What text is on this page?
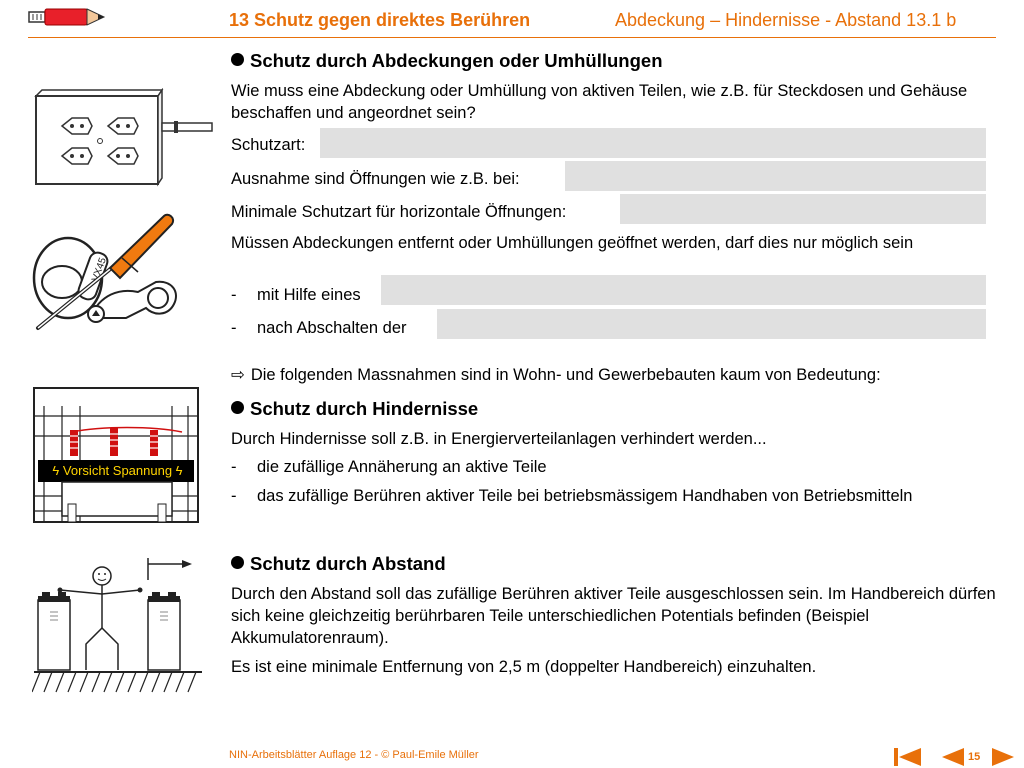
13 Schutz gegen direktes Berühren	Abdeckung – Hindernisse - Abstand 13.1 b
Schutz durch Abdeckungen oder Umhüllungen
Wie muss eine Abdeckung oder Umhüllung von aktiven Teilen, wie z.B. für Steckdosen und Gehäuse beschaffen und angeordnet sein?
Schutzart:
Ausnahme sind Öffnungen wie z.B. bei:
Minimale Schutzart für horizontale Öffnungen:
Müssen Abdeckungen entfernt oder Umhüllungen geöffnet werden, darf dies nur möglich sein
- mit Hilfe eines
- nach Abschalten der
⇨ Die folgenden Massnahmen sind in Wohn- und Gewerbebauten kaum von Bedeutung:
Schutz durch Hindernisse
Durch Hindernisse soll z.B. in Energierverteilanlagen verhindert werden...
- die zufällige Annäherung an aktive Teile
- das zufällige Berühren aktiver Teile bei betriebsmässigem Handhaben von Betriebsmitteln
Schutz durch Abstand
Durch den Abstand soll das zufällige Berühren aktiver Teile ausgeschlossen sein. Im Handbereich dürfen sich keine gleichzeitig berührbaren Teile unterschiedlichen Potentials befinden (Beispiel Akkumulatorenraum).
Es ist eine minimale Entfernung von 2,5 m (doppelter Handbereich) einzuhalten.
VX45
ϟ Vorsicht Spannung ϟ
NIN-Arbeitsblätter Auflage 12 - © Paul-Emile Müller	15
